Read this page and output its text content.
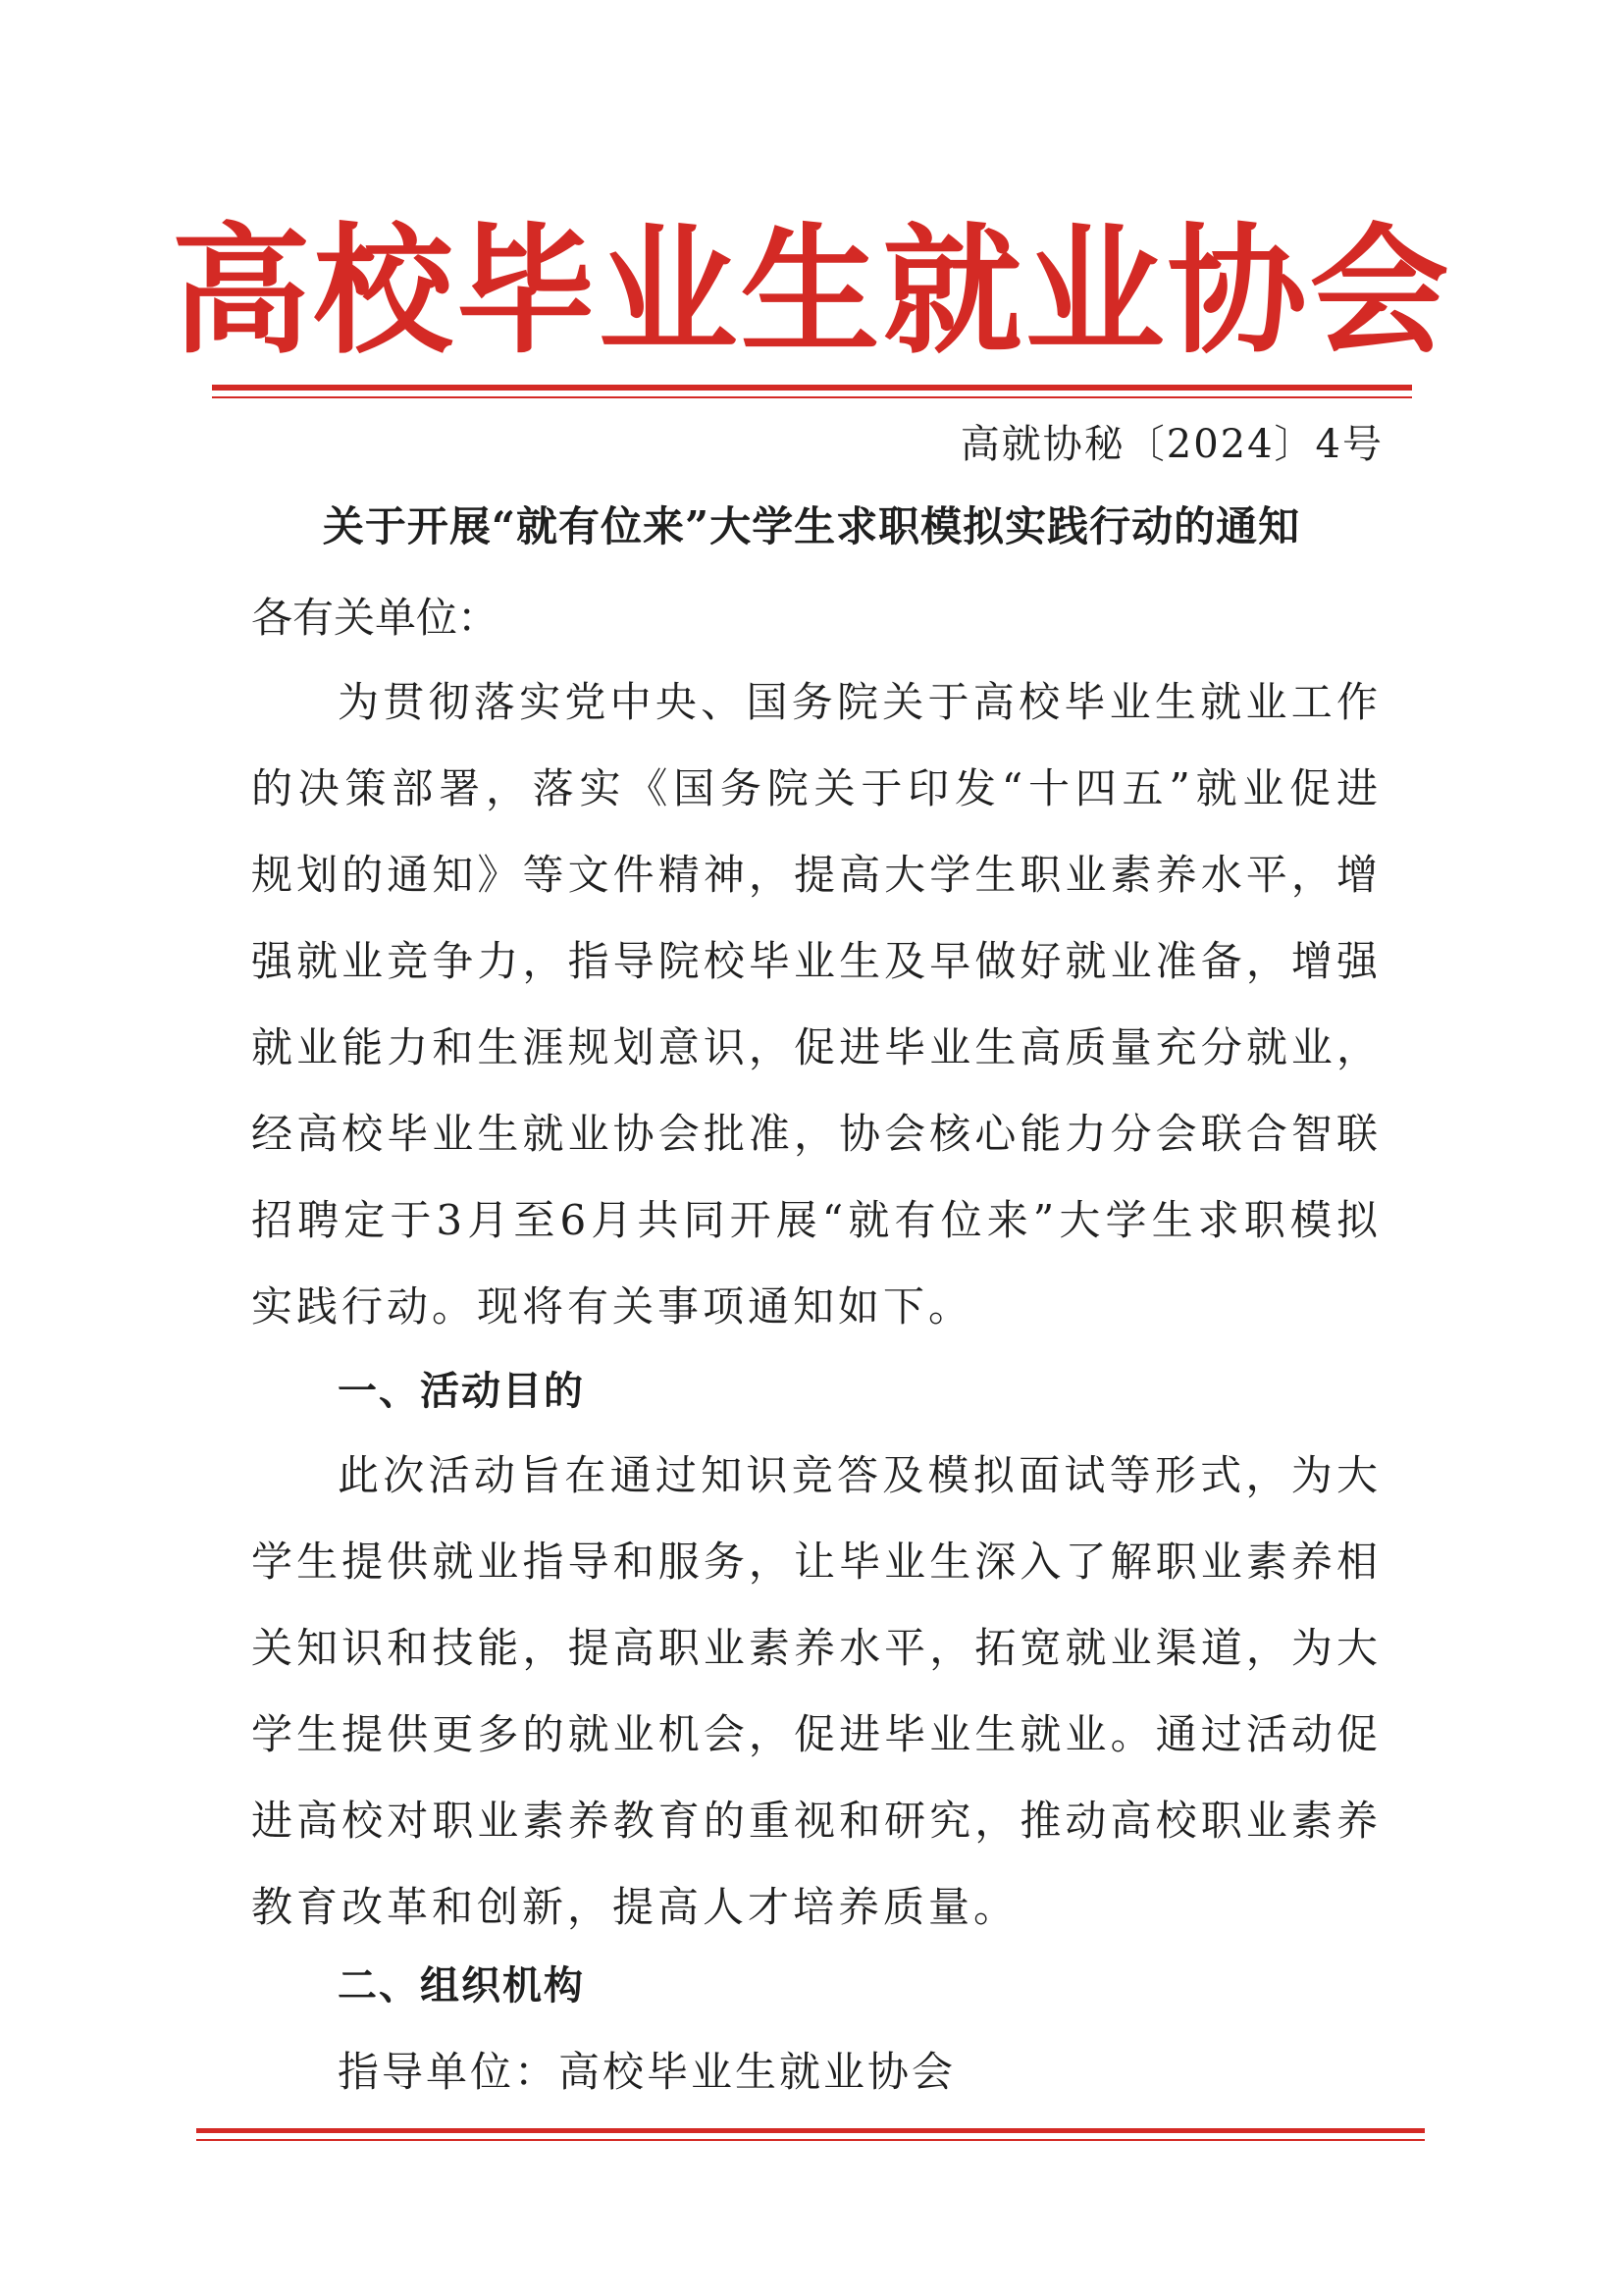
高校毕业生就业协会
高就协秘〔2024〕4号
关于开展“就有位来”大学生求职模拟实践行动的通知
各有关单位：

为贯彻落实党中央、国务院关于高校毕业生就业工作的决策部署，落实《国务院关于印发“十四五”就业促进规划的通知》等文件精神，提高大学生职业素养水平，增强就业竞争力，指导院校毕业生及早做好就业准备，增强就业能力和生涯规划意识，促进毕业生高质量充分就业，经高校毕业生就业协会批准，协会核心能力分会联合智联招聘定于3月至6月共同开展“就有位来”大学生求职模拟实践行动。现将有关事项通知如下。

一、活动目的

此次活动旨在通过知识竞答及模拟面试等形式，为大学生提供就业指导和服务，让毕业生深入了解职业素养相关知识和技能，提高职业素养水平，拓宽就业渠道，为大学生提供更多的就业机会，促进毕业生就业。通过活动促进高校对职业素养教育的重视和研究，推动高校职业素养教育改革和创新，提高人才培养质量。

二、组织机构
指导单位：高校毕业生就业协会
